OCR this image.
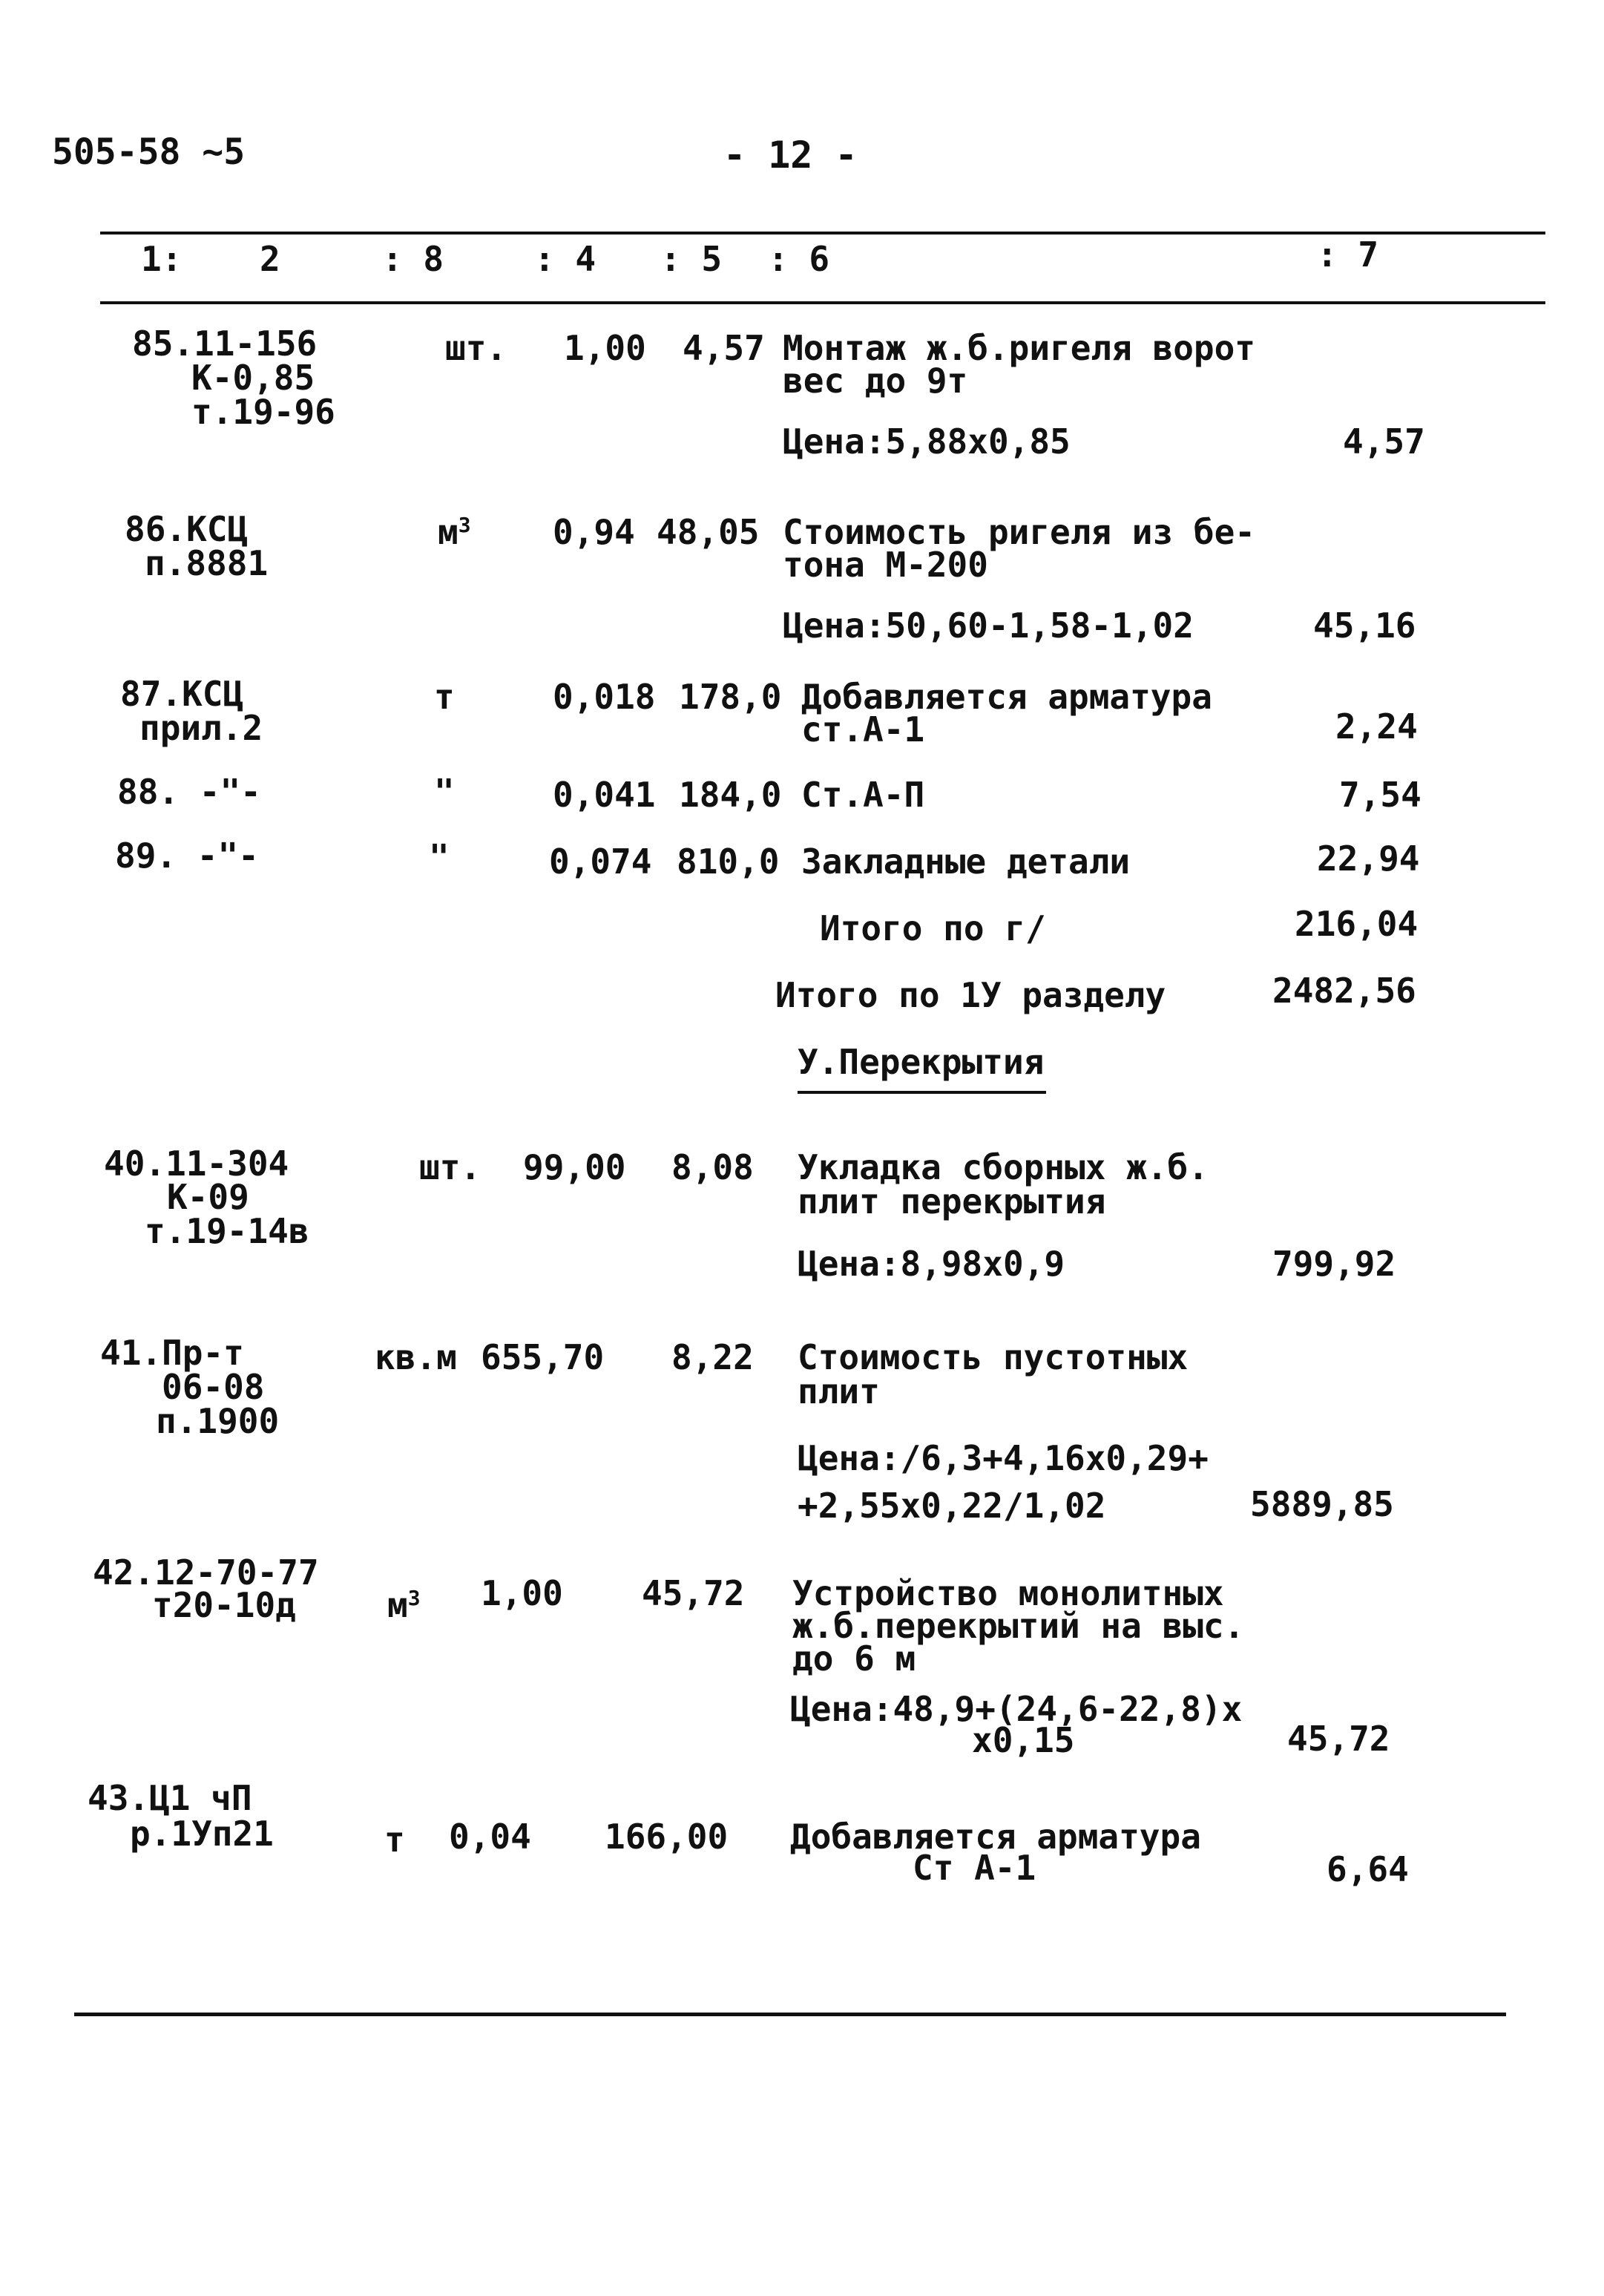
505-58 ~5	- 12 -
1: 2	: 8	: 4 : 5 : 6	: 7
85.11-156
К-0,85
т.19-96
шт. 1,00 4,57 Монтаж ж.б.ригеля ворот
вес до 9т
Цена:5,88х0,85	4,57
86.КСЦ
п.8881
$м^3$ 0,94 48,05 Стоимость ригеля из бе-
тона М-200
Цена:50,60-1,58-1,02	45,16
87.КСЦ
прил.2
т	0,018 178,0 Добавляется арматура
ст.А-1	2,24
88. -"-	"	0,041 184,0 Ст.А-П	7,54
89. -"-	"	0,074 810,0 Закладные детали	22,94
Итого по г/	216,04
Итого по 1У разделу	2482,56
У.Перекрытия
40.11-304
К-09
т.19-14в
шт. 99,00 8,08 Укладка сборных ж.б.
плит перекрытия
Цена:8,98х0,9	799,92
41.Пр-т
06-08
п.1900
кв.м 655,70 8,22 Стоимость пустотных
плит
Цена:/6,3+4,16х0,29+
+2,55х0,22/1,02	5889,85
42.12-70-77
т20-10д	$м^3$ 1,00 45,72 Устройство монолитных
ж.б.перекрытий на выс.
до 6 м
Цена:48,9+(24,6-22,8)х
х0,15	45,72
43.Ц1 чП
р.1Уп21	т 0,04 166,00 Добавляется арматура
Ст А-1	6,64
